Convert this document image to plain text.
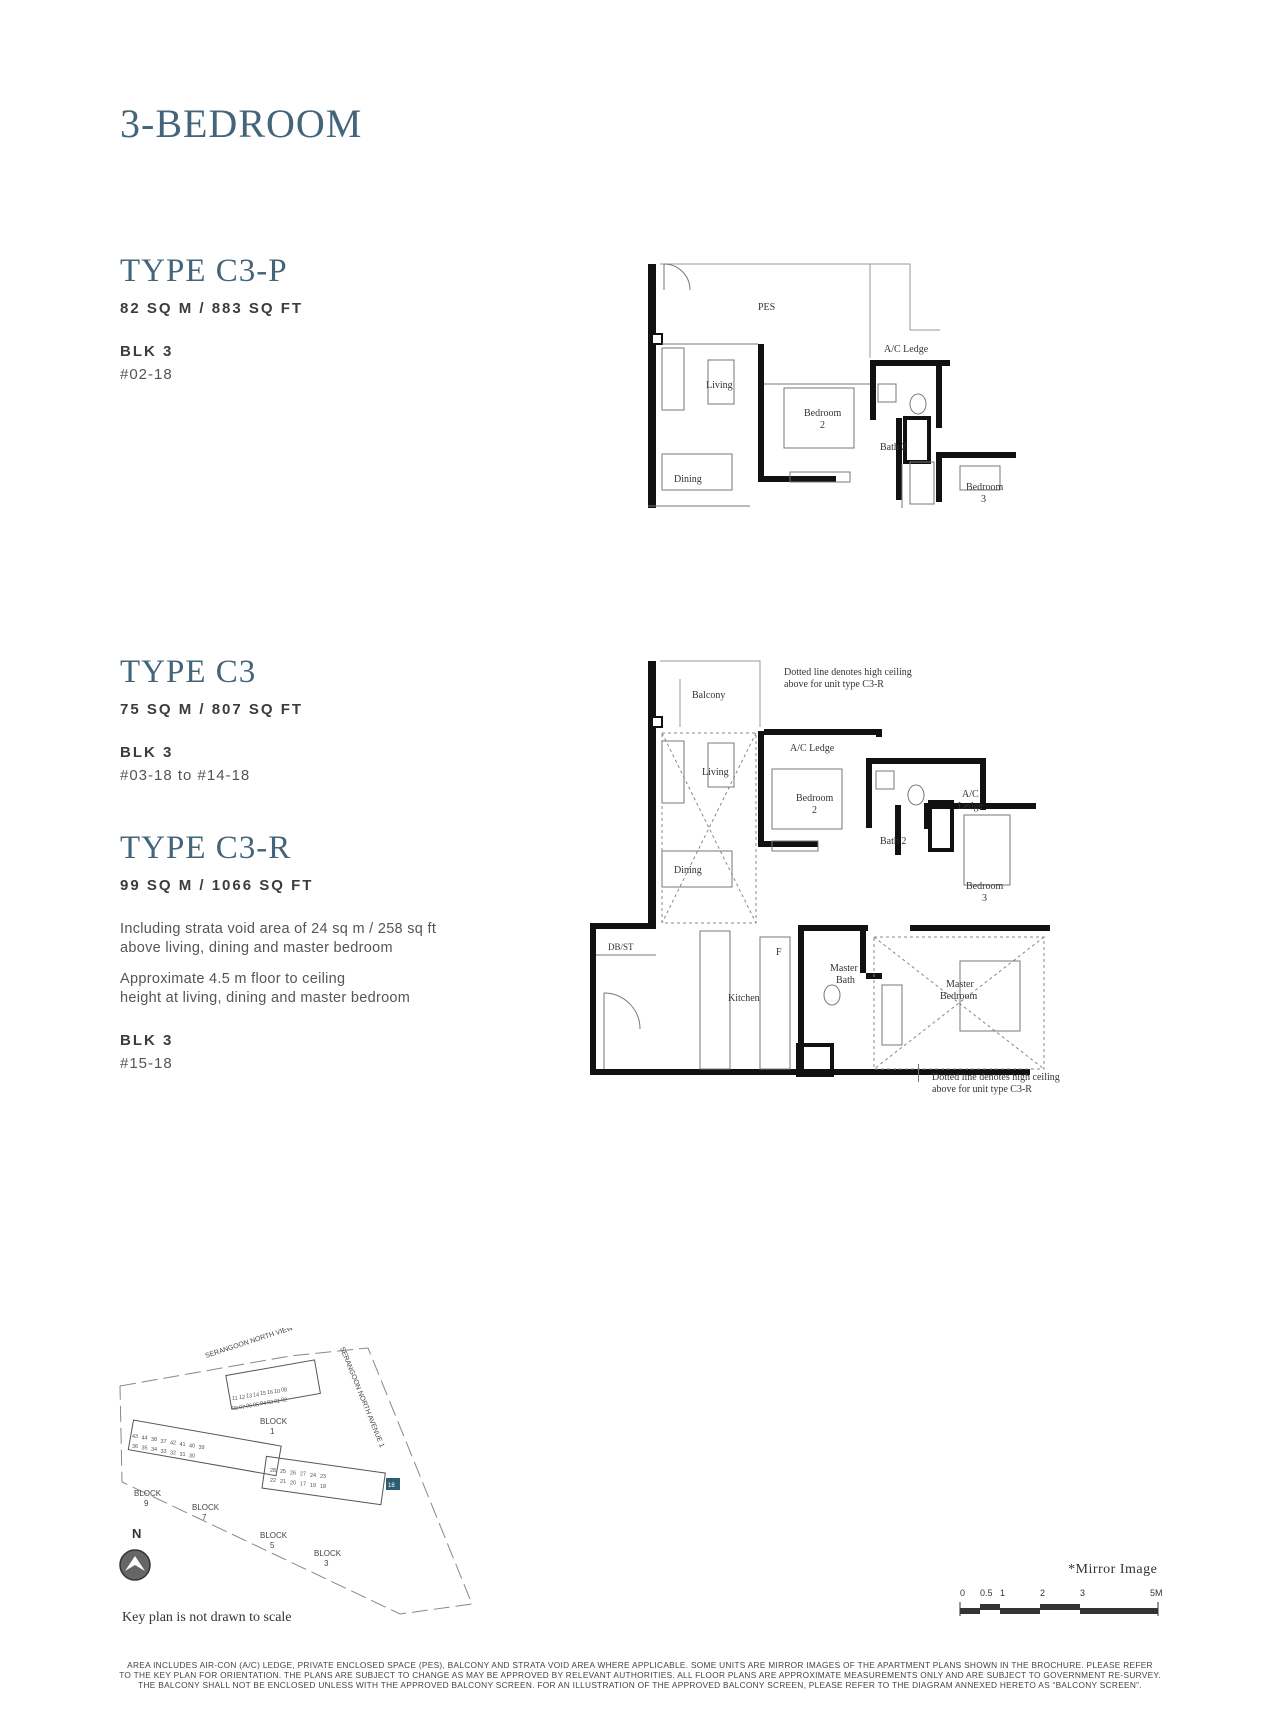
3-BEDROOM
TYPE C3-P
82 SQ M / 883 SQ FT
BLK 3
#02-18
TYPE C3
75 SQ M / 807 SQ FT
BLK 3
#03-18 to #14-18
TYPE C3-R
99 SQ M / 1066 SQ FT
Including strata void area of 24 sq m / 258 sq ft
above living, dining and master bedroom
Approximate 4.5 m floor to ceiling
height at living, dining and master bedroom
BLK 3
#15-18
PES
A/C Ledge
Living
Bedroom
2
Bath 2
Dining
Bedroom
3
Balcony
A/C Ledge
Living
Bedroom
2
A/C
Ledge
Bath 2
Dining
Bedroom
3
DB/ST	F
Kitchen
Master
Bath	Master
Bedroom
Dotted line denotes high ceiling
above for unit type C3-R
Dotted line denotes high ceiling
above for unit type C3-R
SERANGOON NORTH VIEW
SERANGOON NORTH AVENUE 1
BLOCK
1
BLOCK
9	BLOCK
7
BLOCK
5
BLOCK
3
18
11 12 13 14 15 16 10 08
09 07 06 05 04 03 01 02
43 44 38 37 42 41 40 39
36 35 34 33 32 31 30
28 25 26 27 24 23
22 21 20 17 19 18
N
Key plan is not drawn to scale
*Mirror Image
0 0.5 1	2	3	5M
AREA INCLUDES AIR-CON (A/C) LEDGE, PRIVATE ENCLOSED SPACE (PES), BALCONY AND STRATA VOID AREA WHERE APPLICABLE. SOME UNITS ARE MIRROR IMAGES OF THE APARTMENT PLANS SHOWN IN THE BROCHURE. PLEASE REFER
TO THE KEY PLAN FOR ORIENTATION. THE PLANS ARE SUBJECT TO CHANGE AS MAY BE APPROVED BY RELEVANT AUTHORITIES. ALL FLOOR PLANS ARE APPROXIMATE MEASUREMENTS ONLY AND ARE SUBJECT TO GOVERNMENT RE-SURVEY.
THE BALCONY SHALL NOT BE ENCLOSED UNLESS WITH THE APPROVED BALCONY SCREEN. FOR AN ILLUSTRATION OF THE APPROVED BALCONY SCREEN, PLEASE REFER TO THE DIAGRAM ANNEXED HERETO AS “BALCONY SCREEN”.
